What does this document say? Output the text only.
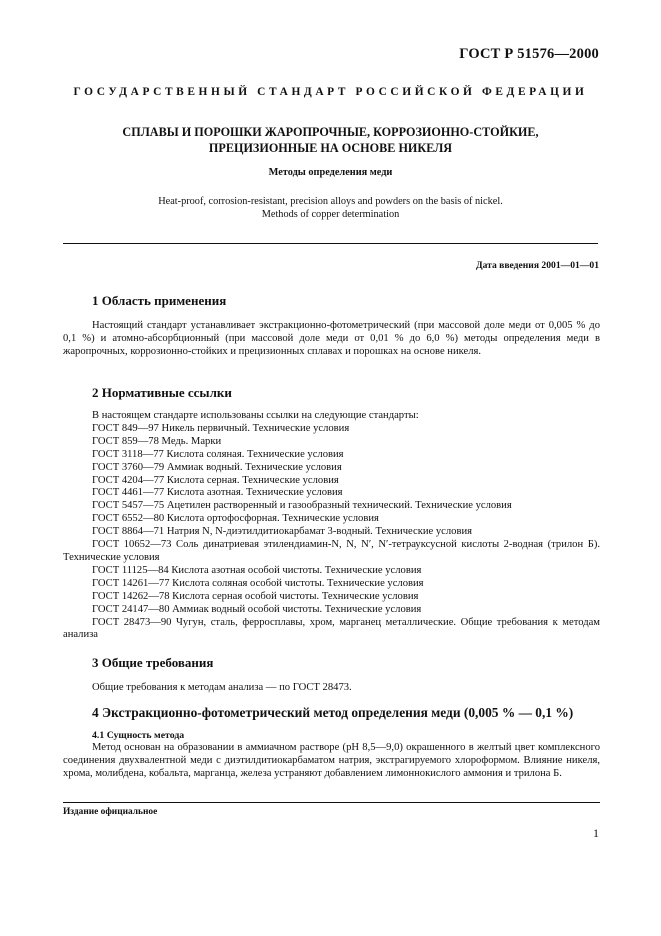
ГОСТ Р 51576—2000
ГОСУДАРСТВЕННЫЙ СТАНДАРТ РОССИЙСКОЙ ФЕДЕРАЦИИ
СПЛАВЫ И ПОРОШКИ ЖАРОПРОЧНЫЕ, КОРРОЗИОННО-СТОЙКИЕ,
ПРЕЦИЗИОННЫЕ НА ОСНОВЕ НИКЕЛЯ
Методы определения меди
Heat-proof, corrosion-resistant, precision alloys and powders on the basis of nickel.
Methods of copper determination
Дата введения 2001—01—01
1 Область применения
Настоящий стандарт устанавливает экстракционно-фотометрический (при массовой доле меди от 0,005 % до 0,1 %) и атомно-абсорбционный (при массовой доле меди от 0,01 % до 6,0 %) методы определения меди в жаропрочных, коррозионно-стойких и прецизионных сплавах и порошках на основе никеля.
2 Нормативные ссылки
В настоящем стандарте использованы ссылки на следующие стандарты:
ГОСТ 849—97 Никель первичный. Технические условия
ГОСТ 859—78 Медь. Марки
ГОСТ 3118—77 Кислота соляная. Технические условия
ГОСТ 3760—79 Аммиак водный. Технические условия
ГОСТ 4204—77 Кислота серная. Технические условия
ГОСТ 4461—77 Кислота азотная. Технические условия
ГОСТ 5457—75 Ацетилен растворенный и газообразный технический. Технические условия
ГОСТ 6552—80 Кислота ортофосфорная. Технические условия
ГОСТ 8864—71 Натрия N, N-диэтилдитиокарбамат 3-водный. Технические условия
ГОСТ 10652—73 Соль динатриевая этилендиамин-N, N, N′, N′-тетрауксусной кислоты 2-водная (трилон Б). Технические условия
ГОСТ 11125—84 Кислота азотная особой чистоты. Технические условия
ГОСТ 14261—77 Кислота соляная особой чистоты. Технические условия
ГОСТ 14262—78 Кислота серная особой чистоты. Технические условия
ГОСТ 24147—80 Аммиак водный особой чистоты. Технические условия
ГОСТ 28473—90 Чугун, сталь, ферросплавы, хром, марганец металлические. Общие требования к методам анализа
3 Общие требования
Общие требования к методам анализа — по ГОСТ 28473.
4 Экстракционно-фотометрический метод определения меди (0,005 % — 0,1 %)
4.1 Сущность метода
Метод основан на образовании в аммиачном растворе (pH 8,5—9,0) окрашенного в желтый цвет комплексного соединения двухвалентной меди с диэтилдитиокарбаматом натрия, экстрагируемого хлороформом. Влияние никеля, хрома, молибдена, кобальта, марганца, железа устраняют добавлением лимоннокислого аммония и трилона Б.
Издание официальное
1
